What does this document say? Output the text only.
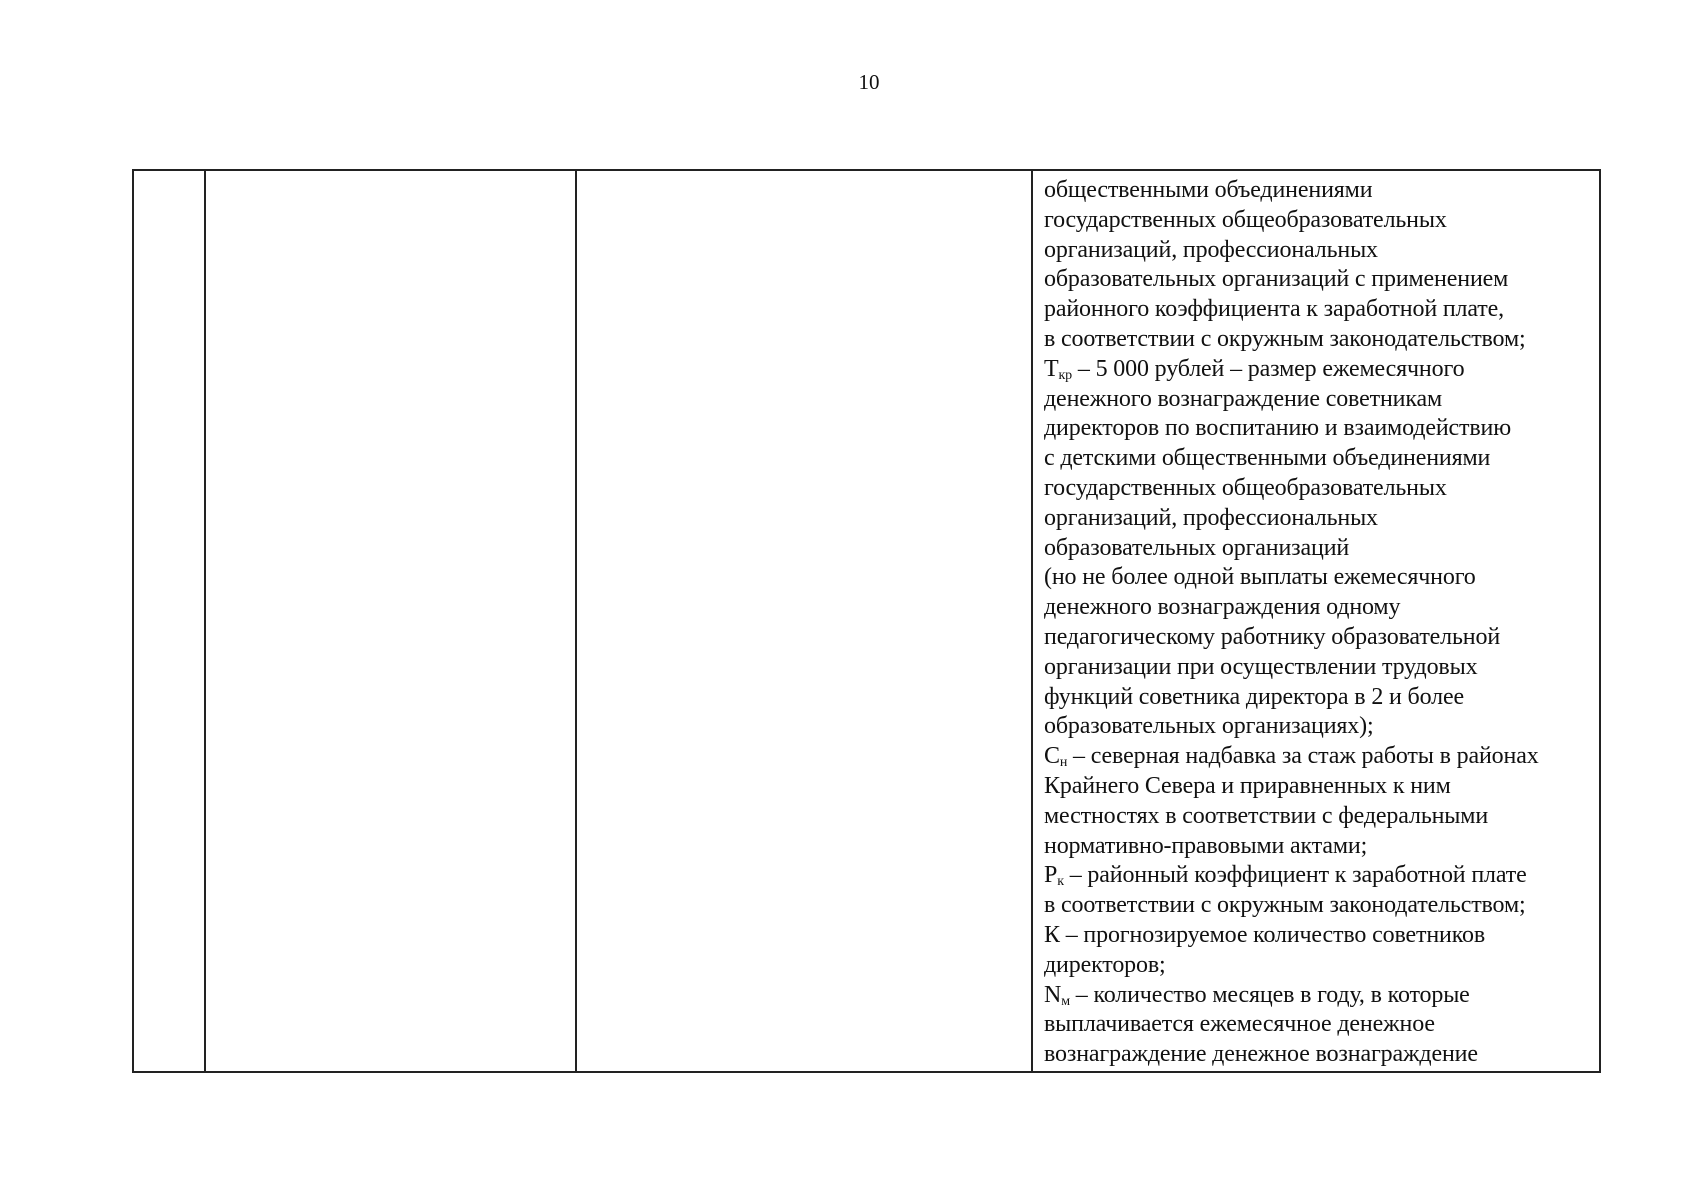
10
общественными объединениями
государственных общеобразовательных
организаций, профессиональных
образовательных организаций с применением
районного коэффициента к заработной плате,
в соответствии с окружным законодательством;
$Т_{кр} - 5$ 000 рублей – размер ежемесячного
денежного вознаграждение советникам
директоров по воспитанию и взаимодействию
с детскими общественными объединениями
государственных общеобразовательных
организаций, профессиональных
образовательных организаций
(но не более одной выплаты ежемесячного
денежного вознаграждения одному
педагогическому работнику образовательной
организации при осуществлении трудовых
функций советника директора в 2 и более
образовательных организациях);
$С_н$ – северная надбавка за стаж работы в районах
Крайнего Севера и приравненных к ним
местностях в соответствии с федеральными
нормативно-правовыми актами;
$Р_к$ – районный коэффициент к заработной плате
в соответствии с окружным законодательством;
К – прогнозируемое количество советников
директоров;
$N_м$ – количество месяцев в году, в которые
выплачивается ежемесячное денежное
вознаграждение денежное вознаграждение
